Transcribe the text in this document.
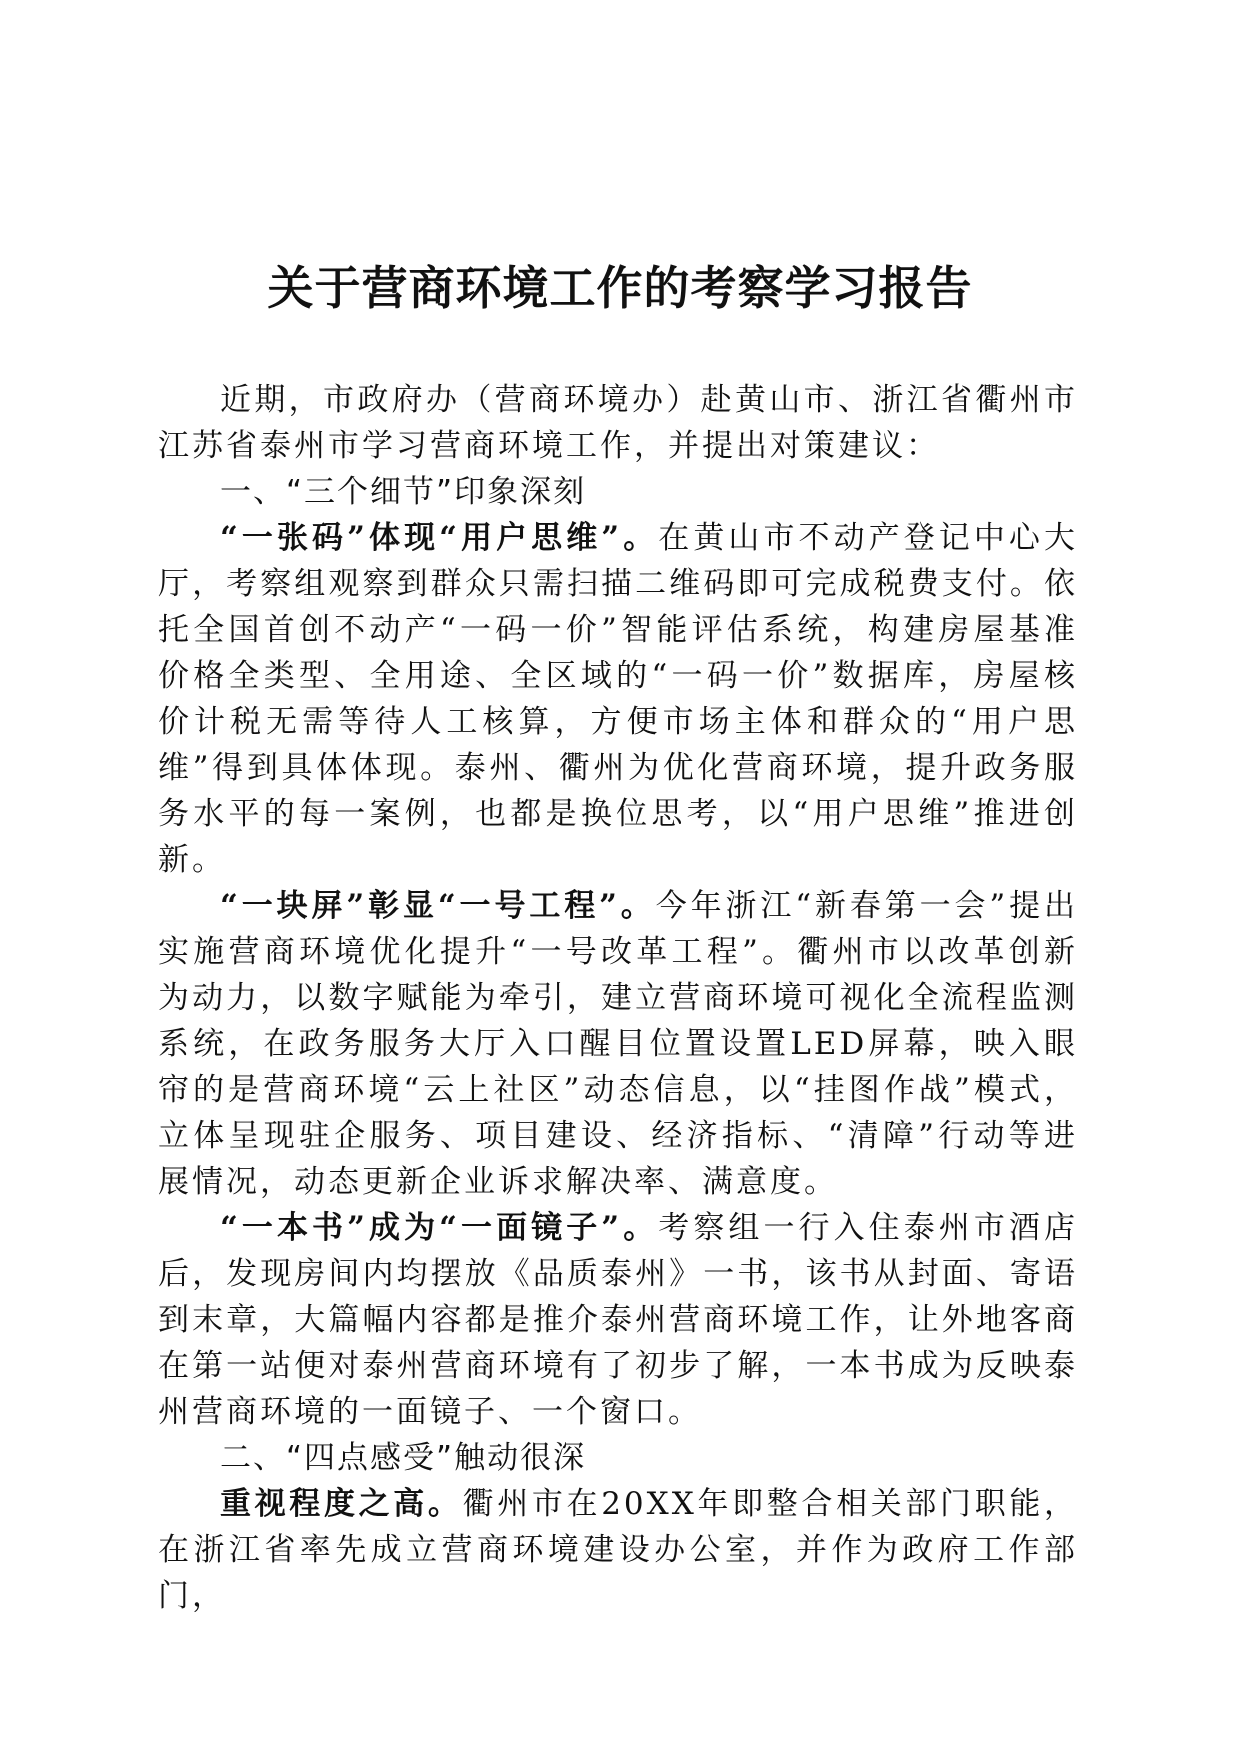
关于营商环境工作的考察学习报告

近期，市政府办（营商环境办）赴黄山市、浙江省衢州市江苏省泰州市学习营商环境工作，并提出对策建议：

一、“三个细节”印象深刻

“一张码”体现“用户思维”。在黄山市不动产登记中心大厅，考察组观察到群众只需扫描二维码即可完成税费支付。依托全国首创不动产“一码一价”智能评估系统，构建房屋基准价格全类型、全用途、全区域的“一码一价”数据库，房屋核价计税无需等待人工核算，方便市场主体和群众的“用户思维”得到具体体现。泰州、衢州为优化营商环境，提升政务服务水平的每一案例，也都是换位思考，以“用户思维”推进创新。

“一块屏”彰显“一号工程”。今年浙江“新春第一会”提出实施营商环境优化提升“一号改革工程”。衢州市以改革创新为动力，以数字赋能为牵引，建立营商环境可视化全流程监测系统，在政务服务大厅入口醒目位置设置LED屏幕，映入眼帘的是营商环境“云上社区”动态信息，以“挂图作战”模式，立体呈现驻企服务、项目建设、经济指标、“清障”行动等进展情况，动态更新企业诉求解决率、满意度。

“一本书”成为“一面镜子”。考察组一行入住泰州市酒店后，发现房间内均摆放《品质泰州》一书，该书从封面、寄语到末章，大篇幅内容都是推介泰州营商环境工作，让外地客商在第一站便对泰州营商环境有了初步了解，一本书成为反映泰州营商环境的一面镜子、一个窗口。

二、“四点感受”触动很深

重视程度之高。衢州市在20XX年即整合相关部门职能，在浙江省率先成立营商环境建设办公室，并作为政府工作部门，
